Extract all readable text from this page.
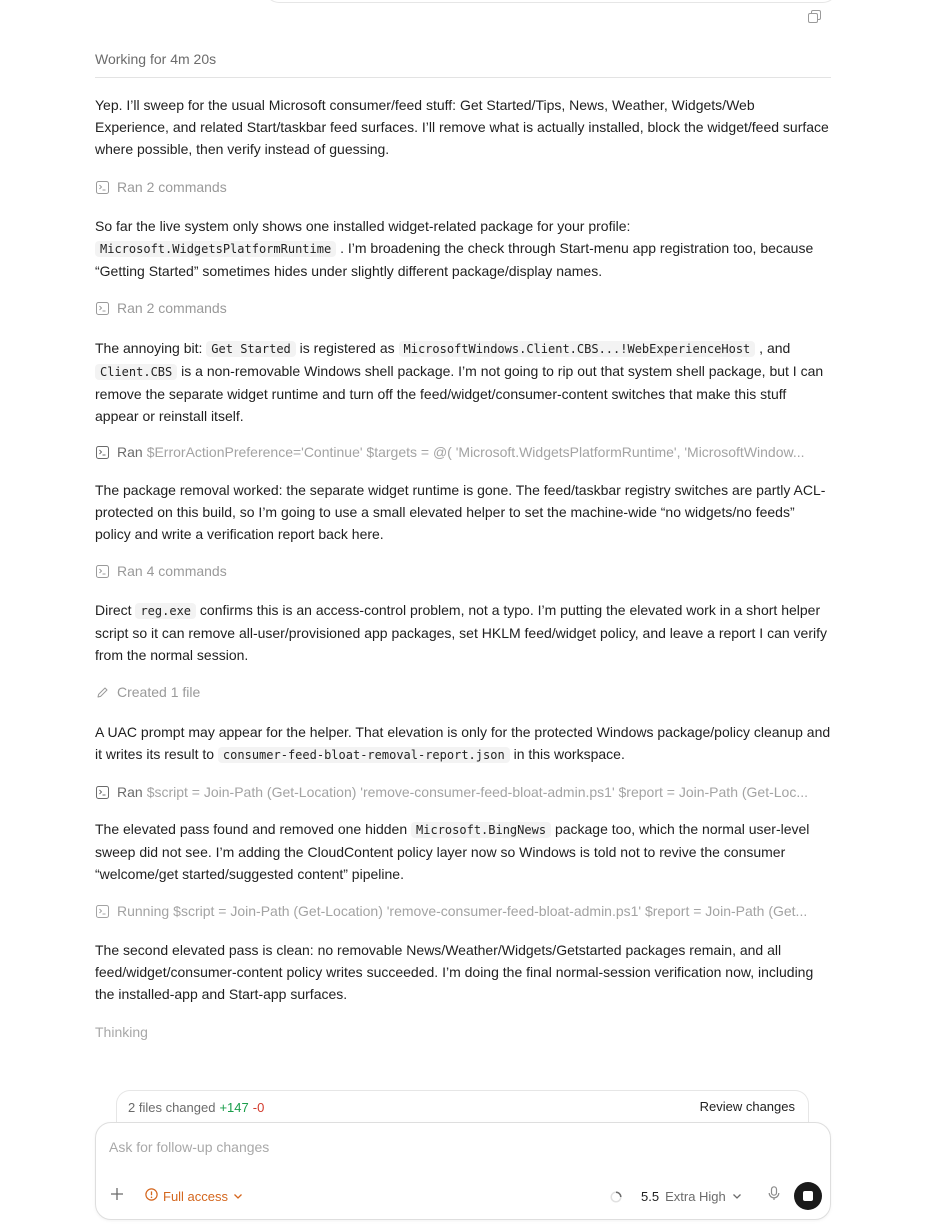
Working for 4m 20s

Yep. I’ll sweep for the usual Microsoft consumer/feed stuff: Get Started/Tips, News, Weather, Widgets/Web Experience, and related Start/taskbar feed surfaces. I’ll remove what is actually installed, block the widget/feed surface where possible, then verify instead of guessing.

Ran 2 commands

So far the live system only shows one installed widget-related package for your profile: Microsoft.WidgetsPlatformRuntime . I’m broadening the check through Start-menu app registration too, because “Getting Started” sometimes hides under slightly different package/display names.

Ran 2 commands

The annoying bit: Get Started is registered as MicrosoftWindows.Client.CBS...!WebExperienceHost , and Client.CBS is a non-removable Windows shell package. I’m not going to rip out that system shell package, but I can remove the separate widget runtime and turn off the feed/widget/consumer-content switches that make this stuff appear or reinstall itself.

Ran $ErrorActionPreference='Continue' $targets = @( 'Microsoft.WidgetsPlatformRuntime', 'MicrosoftWindow...

The package removal worked: the separate widget runtime is gone. The feed/taskbar registry switches are partly ACL-protected on this build, so I’m going to use a small elevated helper to set the machine-wide “no widgets/no feeds” policy and write a verification report back here.

Ran 4 commands

Direct reg.exe confirms this is an access-control problem, not a typo. I’m putting the elevated work in a short helper script so it can remove all-user/provisioned app packages, set HKLM feed/widget policy, and leave a report I can verify from the normal session.

Created 1 file

A UAC prompt may appear for the helper. That elevation is only for the protected Windows package/policy cleanup and it writes its result to consumer-feed-bloat-removal-report.json in this workspace.

Ran $script = Join-Path (Get-Location) 'remove-consumer-feed-bloat-admin.ps1' $report = Join-Path (Get-Loc...

The elevated pass found and removed one hidden Microsoft.BingNews package too, which the normal user-level sweep did not see. I’m adding the CloudContent policy layer now so Windows is told not to revive the consumer “welcome/get started/suggested content” pipeline.

Running $script = Join-Path (Get-Location) 'remove-consumer-feed-bloat-admin.ps1' $report = Join-Path (Get...

The second elevated pass is clean: no removable News/Weather/Widgets/Getstarted packages remain, and all feed/widget/consumer-content policy writes succeeded. I’m doing the final normal-session verification now, including the installed-app and Start-app surfaces.

Thinking
2 files changed +147 -0	Review changes
Ask for follow-up changes
Full access	5.5 Extra High
